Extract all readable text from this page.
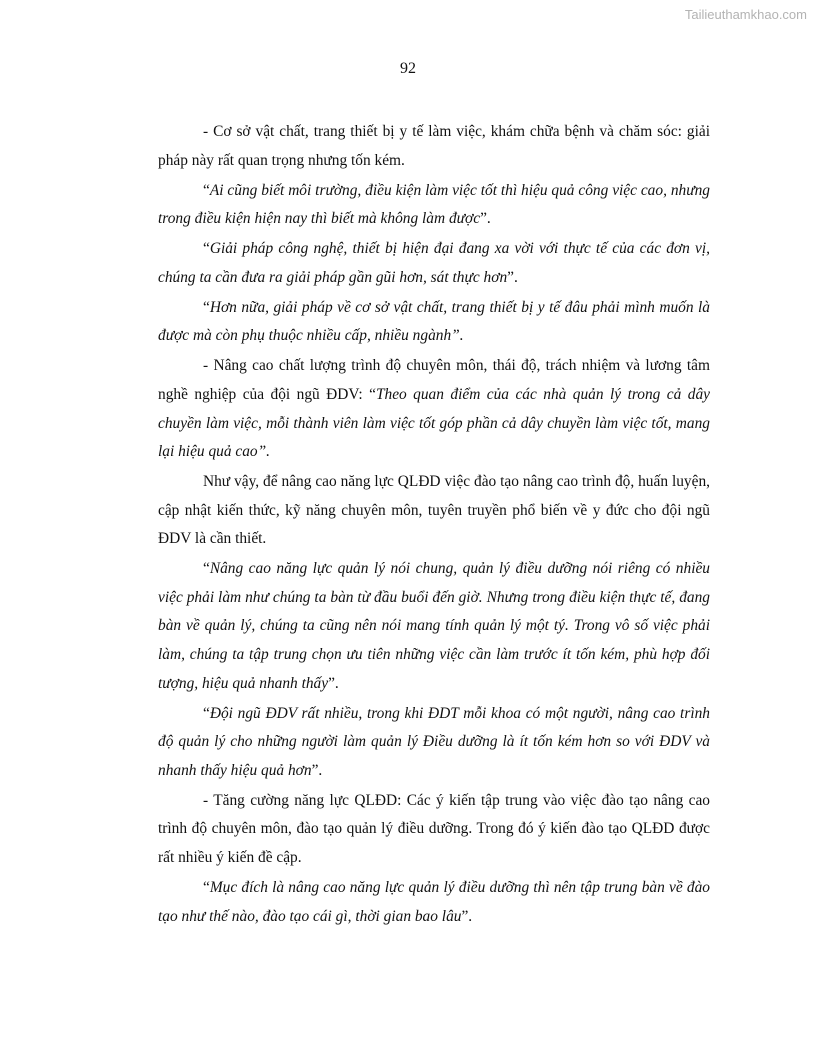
Tailieuthamkhao.com
92

- Cơ sở vật chất, trang thiết bị y tế làm việc, khám chữa bệnh và chăm sóc: giải pháp này rất quan trọng nhưng tốn kém.

“Ai cũng biết môi trường, điều kiện làm việc tốt thì hiệu quả công việc cao, nhưng trong điều kiện hiện nay thì biết mà không làm được”.

“Giải pháp công nghệ, thiết bị hiện đại đang xa vời với thực tế của các đơn vị, chúng ta cần đưa ra giải pháp gần gũi hơn, sát thực hơn”.

“Hơn nữa, giải pháp về cơ sở vật chất, trang thiết bị y tế đâu phải mình muốn là được mà còn phụ thuộc nhiều cấp, nhiều ngành”.

- Nâng cao chất lượng trình độ chuyên môn, thái độ, trách nhiệm và lương tâm nghề nghiệp của đội ngũ ĐDV: “Theo quan điểm của các nhà quản lý trong cả dây chuyền làm việc, mỗi thành viên làm việc tốt góp phần cả dây chuyền làm việc tốt, mang lại hiệu quả cao”.

Như vậy, để nâng cao năng lực QLĐD việc đào tạo nâng cao trình độ, huấn luyện, cập nhật kiến thức, kỹ năng chuyên môn, tuyên truyền phổ biến về y đức cho đội ngũ ĐDV là cần thiết.

“Nâng cao năng lực quản lý nói chung, quản lý điều dưỡng nói riêng có nhiều việc phải làm như chúng ta bàn từ đầu buổi đến giờ. Nhưng trong điều kiện thực tế, đang bàn về quản lý, chúng ta cũng nên nói mang tính quản lý một tý. Trong vô số việc phải làm, chúng ta tập trung chọn ưu tiên những việc cần làm trước ít tốn kém, phù hợp đối tượng, hiệu quả nhanh thấy”.

“Đội ngũ ĐDV rất nhiều, trong khi ĐDT mỗi khoa có một người, nâng cao trình độ quản lý cho những người làm quản lý Điều dưỡng là ít tốn kém hơn so với ĐDV và nhanh thấy hiệu quả hơn”.

- Tăng cường năng lực QLĐD: Các ý kiến tập trung vào việc đào tạo nâng cao trình độ chuyên môn, đào tạo quản lý điều dưỡng. Trong đó ý kiến đào tạo QLĐD được rất nhiều ý kiến đề cập.

“Mục đích là nâng cao năng lực quản lý điều dưỡng thì nên tập trung bàn về đào tạo như thế nào, đào tạo cái gì, thời gian bao lâu”.
